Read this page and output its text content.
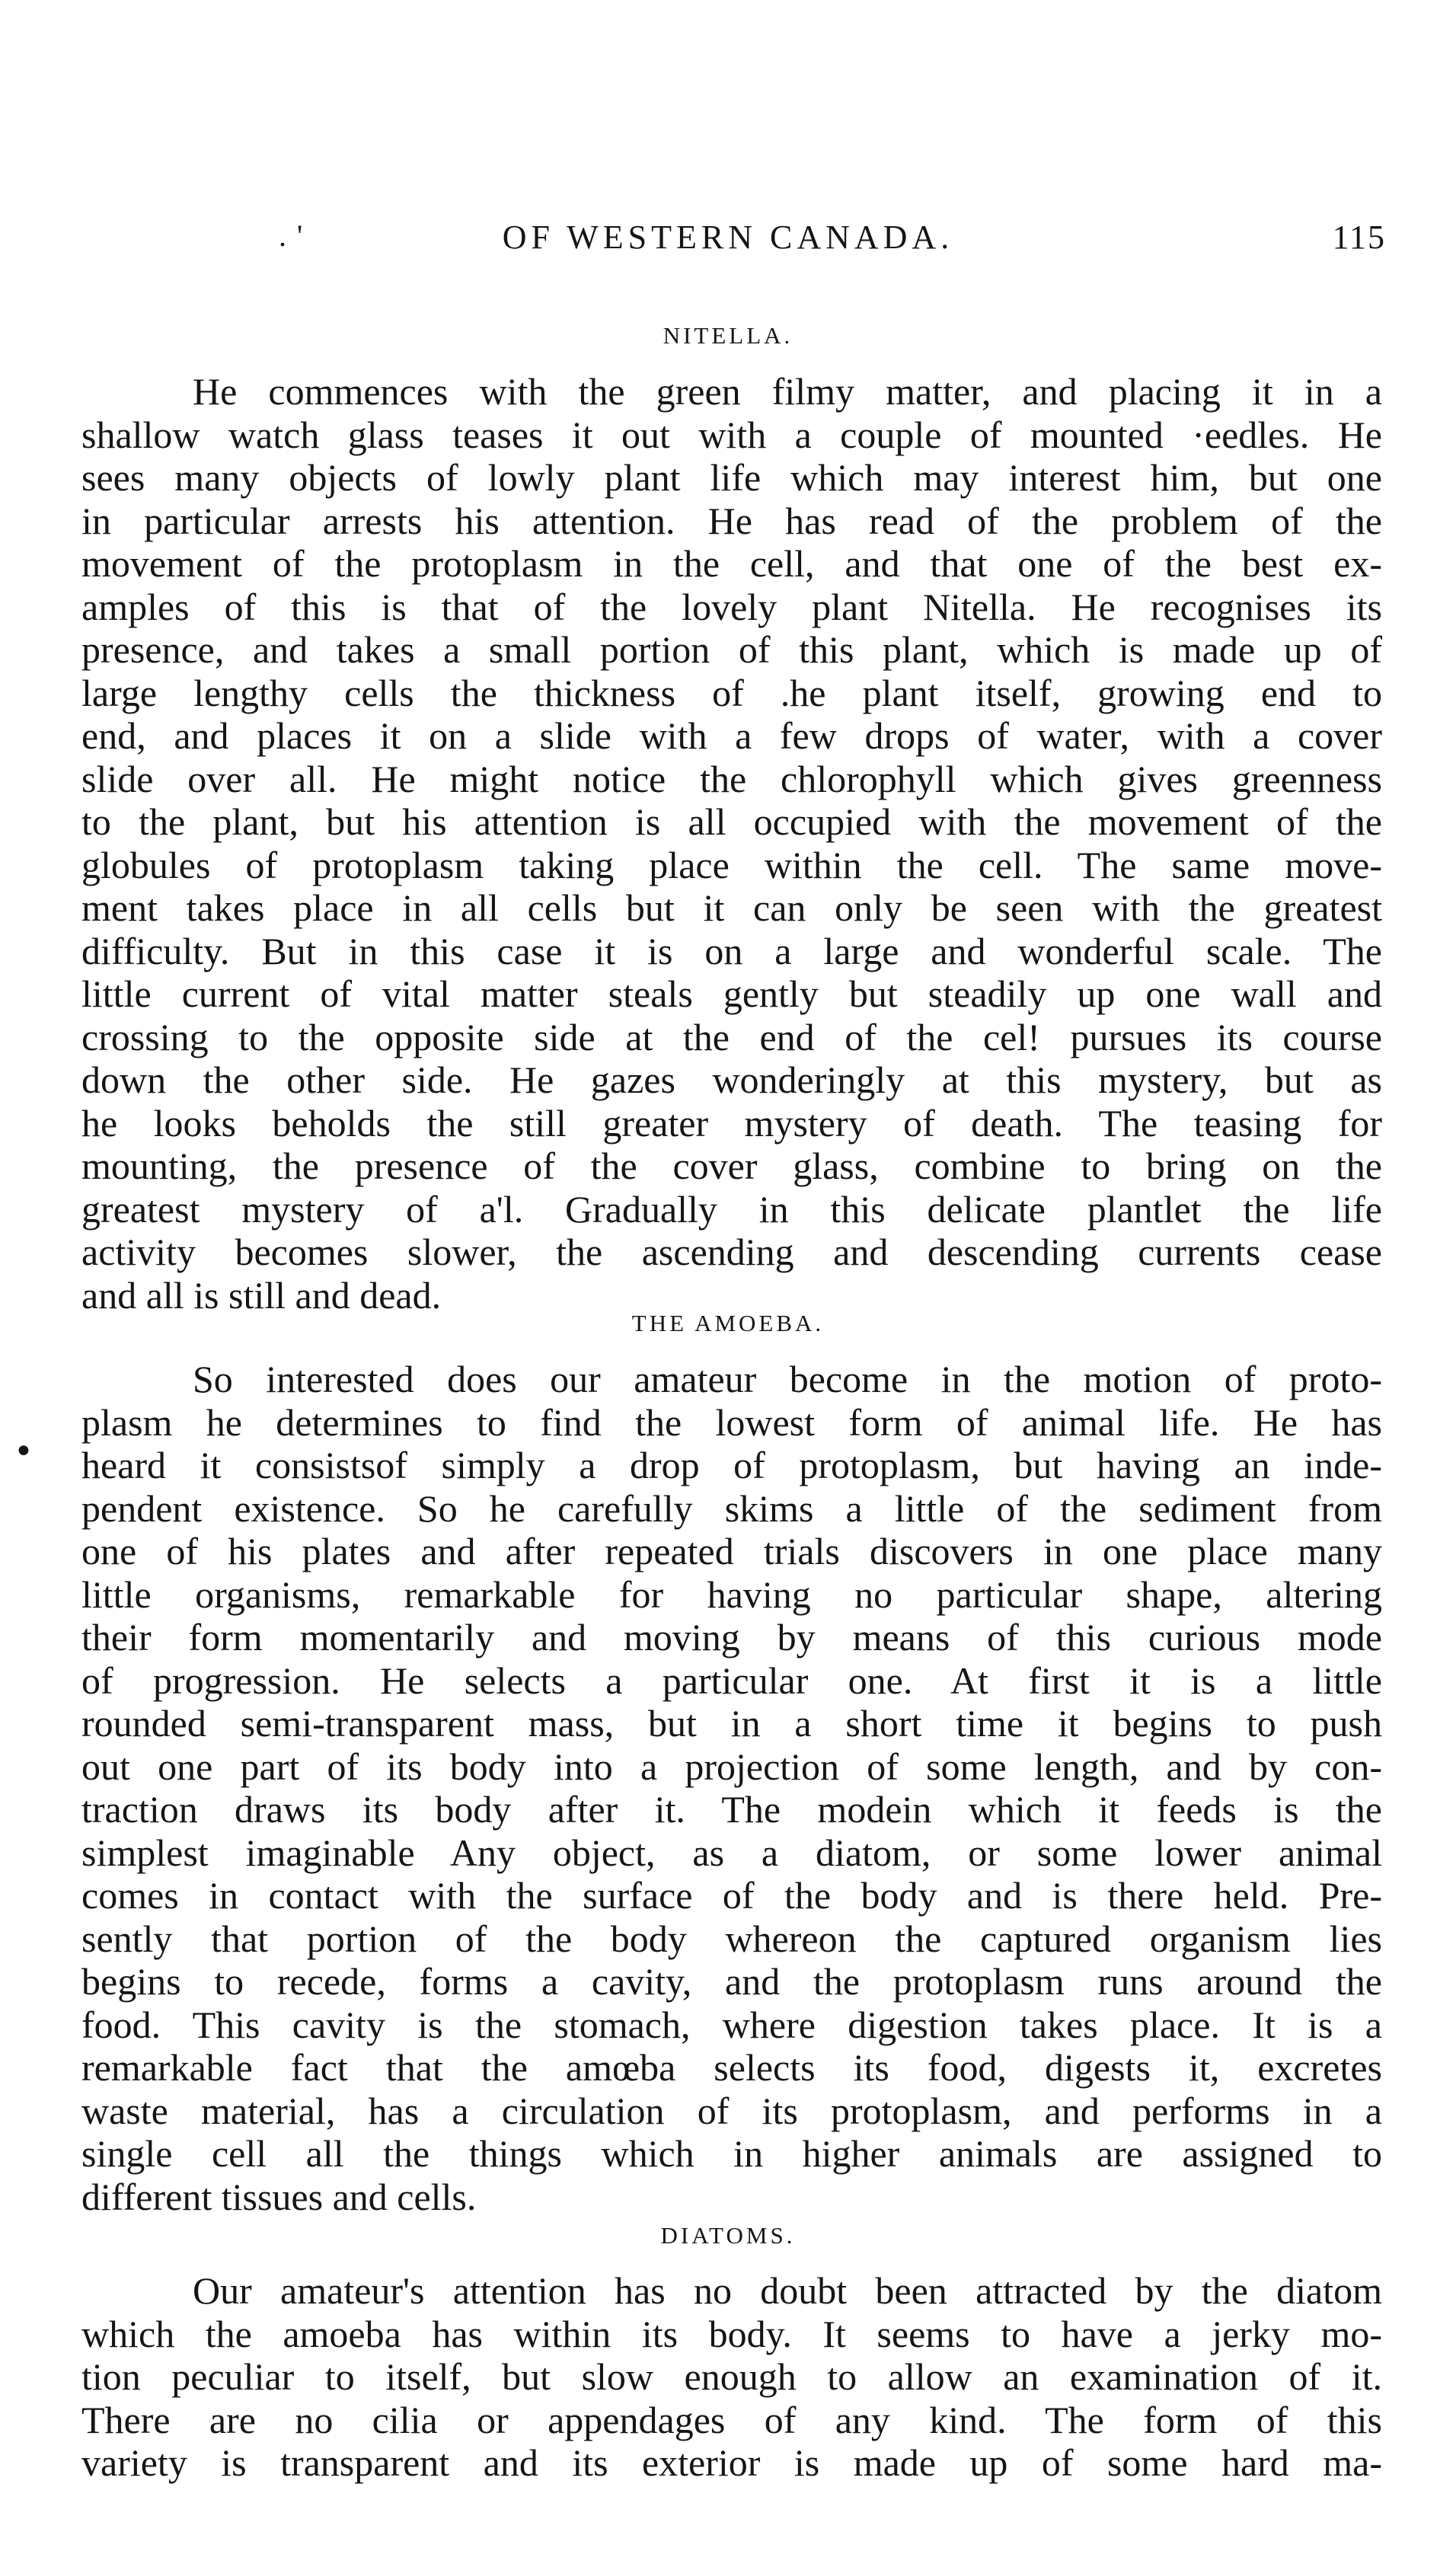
. '	OF WESTERN CANADA.	115
NITELLA.
He commences with the green filmy matter, and placing it in a
shallow watch glass teases it out with a couple of mounted ·eedles. He
sees many objects of lowly plant life which may interest him, but one
in particular arrests his attention. He has read of the problem of the
movement of the protoplasm in the cell, and that one of the best ex-
amples of this is that of the lovely plant Nitella. He recognises its
presence, and takes a small portion of this plant, which is made up of
large lengthy cells the thickness of .he plant itself, growing end to
end, and places it on a slide with a few drops of water, with a cover
slide over all. He might notice the chlorophyll which gives greenness
to the plant, but his attention is all occupied with the movement of the
globules of protoplasm taking place within the cell. The same move-
ment takes place in all cells but it can only be seen with the greatest
difficulty. But in this case it is on a large and wonderful scale. The
little current of vital matter steals gently but steadily up one wall and
crossing to the opposite side at the end of the cel! pursues its course
down the other side. He gazes wonderingly at this mystery, but as
he looks beholds the still greater mystery of death. The teasing for
mounting, the presence of the cover glass, combine to bring on the
greatest mystery of a'l. Gradually in this delicate plantlet the life
activity becomes slower, the ascending and descending currents cease
and all is still and dead.
THE AMOEBA.
•
So interested does our amateur become in the motion of proto-
plasm he determines to find the lowest form of animal life. He has
heard it consistsof simply a drop of protoplasm, but having an inde-
pendent existence. So he carefully skims a little of the sediment from
one of his plates and after repeated trials discovers in one place many
little organisms, remarkable for having no particular shape, altering
their form momentarily and moving by means of this curious mode
of progression. He selects a particular one. At first it is a little
rounded semi-transparent mass, but in a short time it begins to push
out one part of its body into a projection of some length, and by con-
traction draws its body after it. The modein which it feeds is the
simplest imaginable Any object, as a diatom, or some lower animal
comes in contact with the surface of the body and is there held. Pre-
sently that portion of the body whereon the captured organism lies
begins to recede, forms a cavity, and the protoplasm runs around the
food. This cavity is the stomach, where digestion takes place. It is a
remarkable fact that the amœba selects its food, digests it, excretes
waste material, has a circulation of its protoplasm, and performs in a
single cell all the things which in higher animals are assigned to
different tissues and cells.
DIATOMS.
Our amateur's attention has no doubt been attracted by the diatom
which the amoeba has within its body. It seems to have a jerky mo-
tion peculiar to itself, but slow enough to allow an examination of it.
There are no cilia or appendages of any kind. The form of this
variety is transparent and its exterior is made up of some hard ma-
